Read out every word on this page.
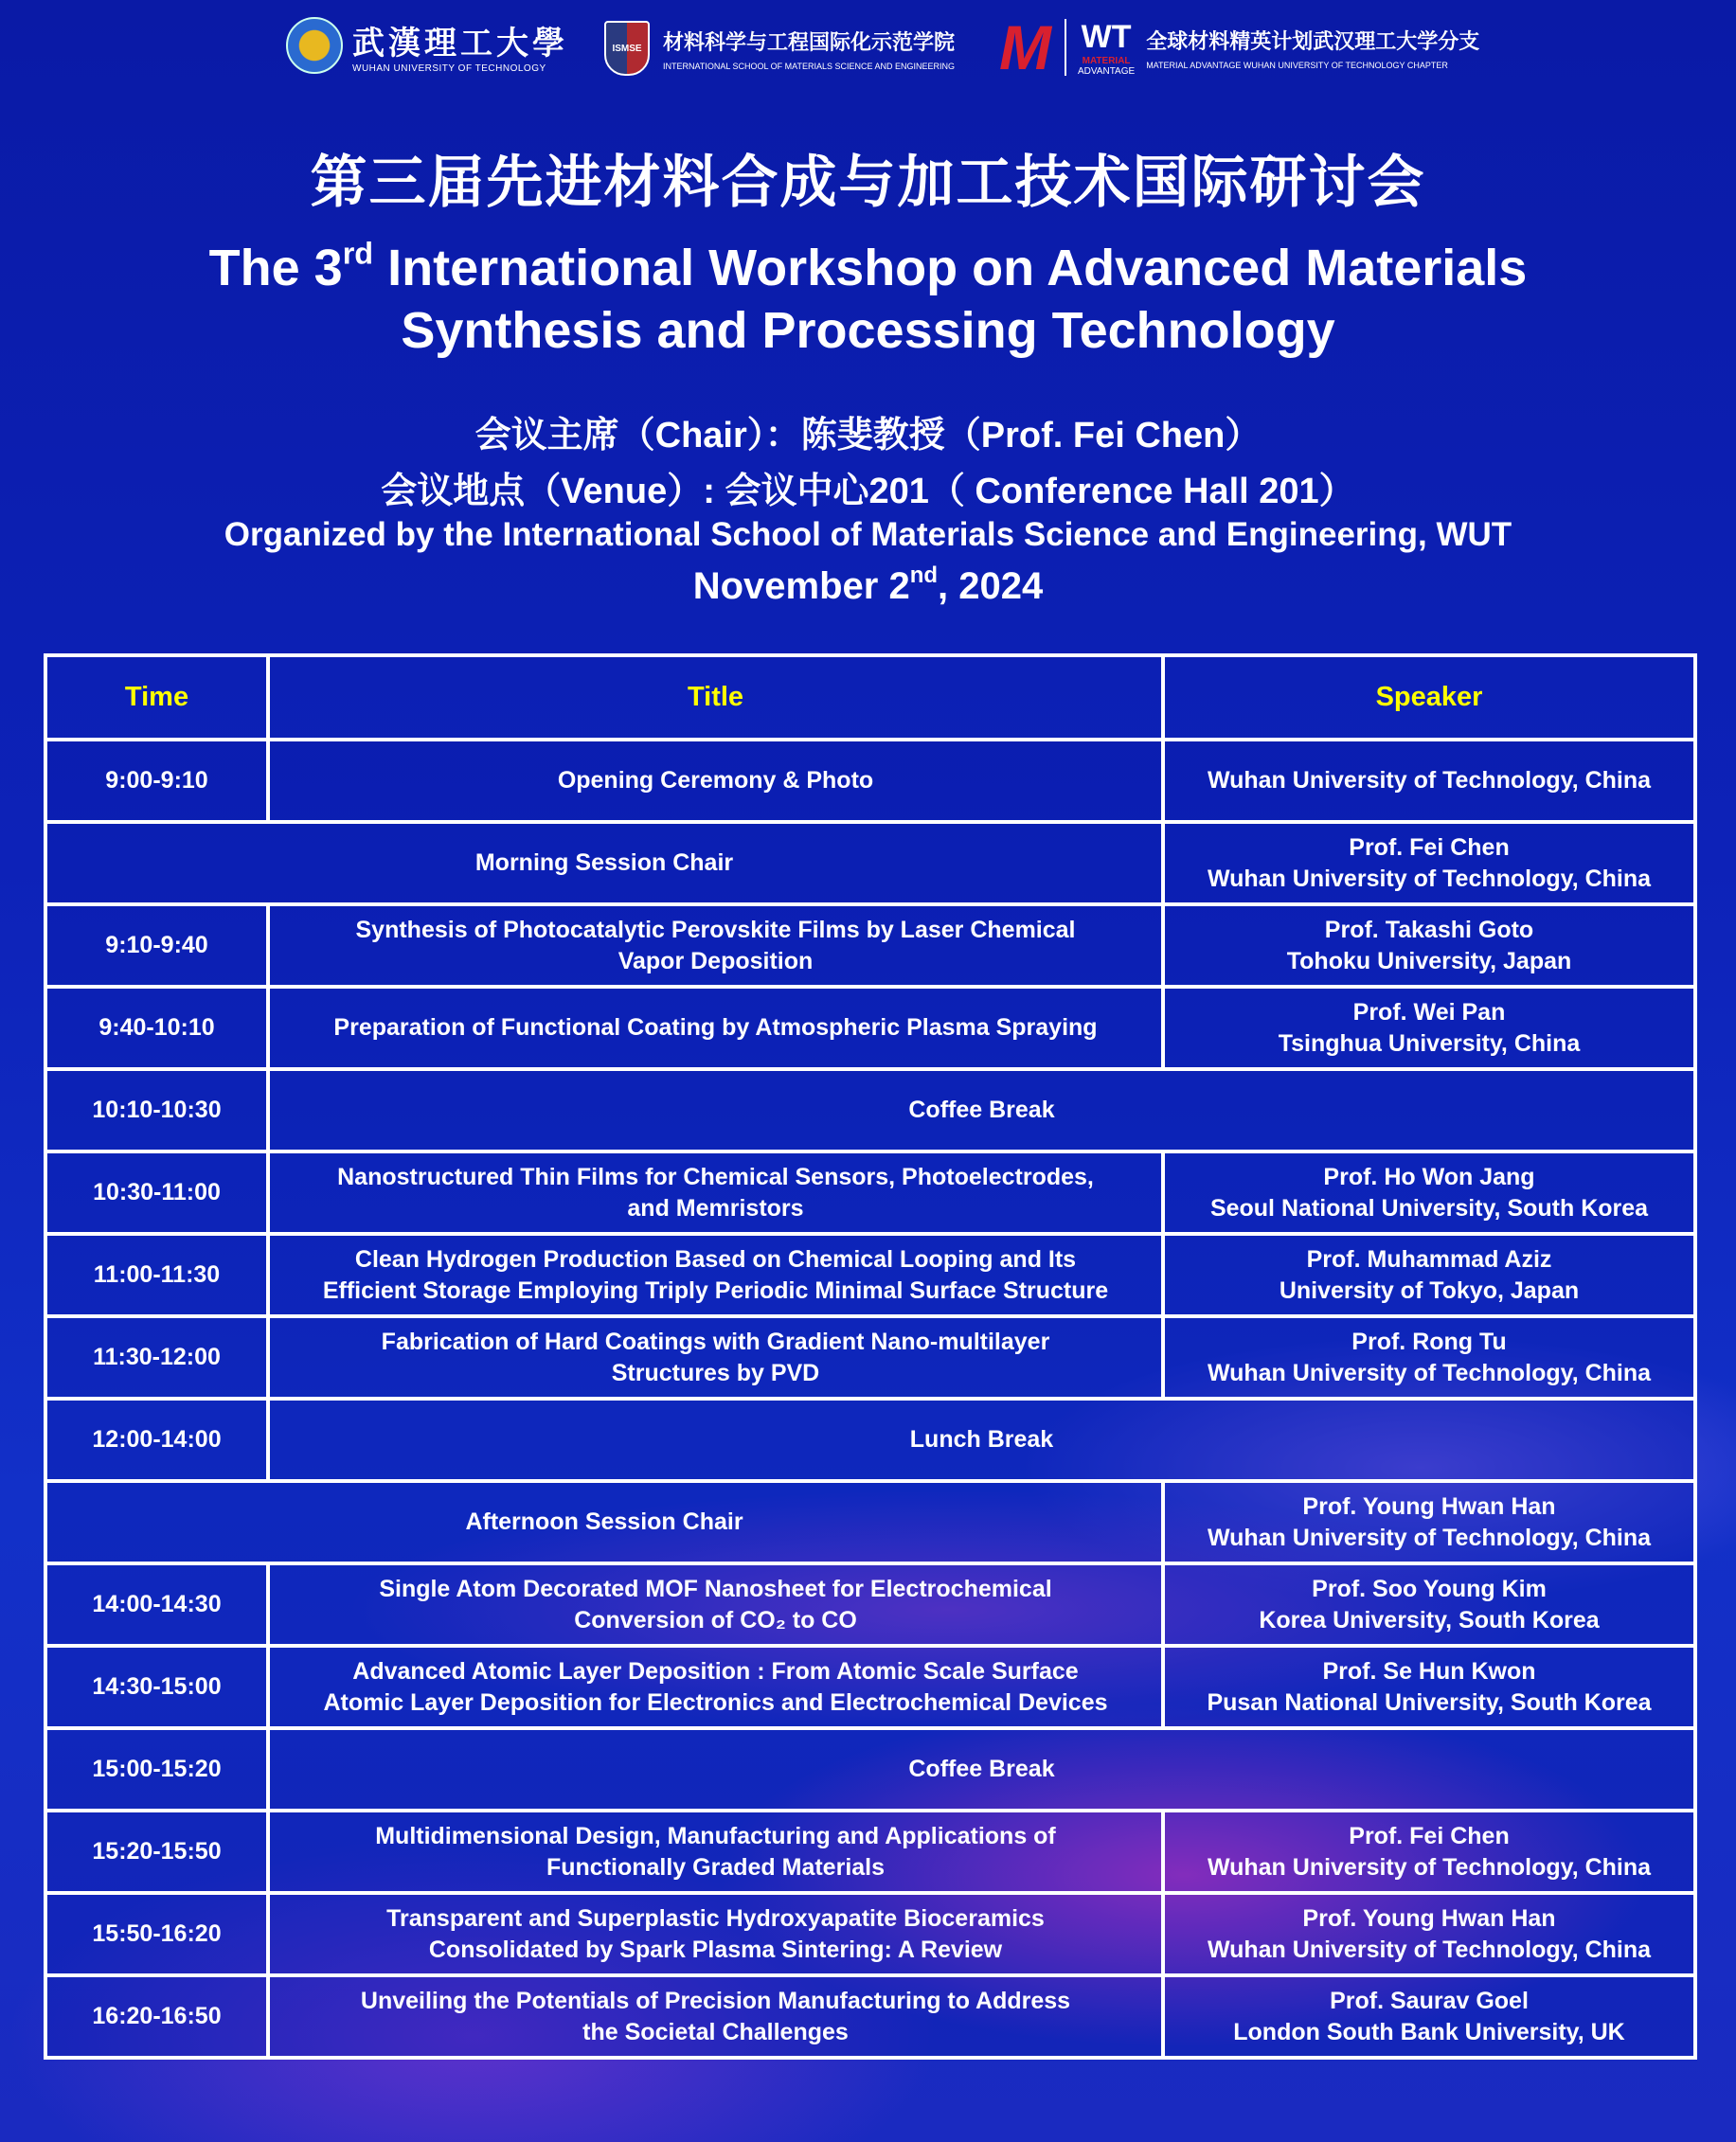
武漢理工大學
WUHAN UNIVERSITY OF TECHNOLOGY
ISMSE	材料科学与工程国际化示范学院
INTERNATIONAL SCHOOL OF MATERIALS SCIENCE AND ENGINEERING M WT
MATERIAL
ADVANTAGE
全球材料精英计划武汉理工大学分支
MATERIAL ADVANTAGE WUHAN UNIVERSITY OF TECHNOLOGY CHAPTER
第三届先进材料合成与加工技术国际研讨会
The 3rd International Workshop on Advanced Materials
Synthesis and Processing Technology
会议主席（Chair）：陈斐教授（Prof. Fei Chen）
会议地点（Venue）: 会议中心201（ Conference Hall 201）
Organized by the International School of Materials Science and Engineering, WUT
November 2nd, 2024
Time	Title	Speaker
9:00-9:10	Opening Ceremony & Photo	Wuhan University of Technology, China
Morning Session Chair		Prof. Fei Chen
Wuhan University of Technology, China
9:10-9:40	Synthesis of Photocatalytic Perovskite Films by Laser Chemical
Vapor Deposition	Prof. Takashi Goto
Tohoku University, Japan
9:40-10:10	Preparation of Functional Coating by Atmospheric Plasma Spraying	Prof. Wei Pan
Tsinghua University, China
10:10-10:30	Coffee Break	
10:30-11:00	Nanostructured Thin Films for Chemical Sensors, Photoelectrodes,
and Memristors	Prof. Ho Won Jang
Seoul National University, South Korea
11:00-11:30	Clean Hydrogen Production Based on Chemical Looping and Its
Efficient Storage Employing Triply Periodic Minimal Surface Structure	Prof. Muhammad Aziz
University of Tokyo, Japan
11:30-12:00	Fabrication of Hard Coatings with Gradient Nano-multilayer
Structures by PVD	Prof. Rong Tu
Wuhan University of Technology, China
12:00-14:00	Lunch Break	
Afternoon Session Chair		Prof. Young Hwan Han
Wuhan University of Technology, China
14:00-14:30	Single Atom Decorated MOF Nanosheet for Electrochemical
Conversion of CO₂ to CO	Prof. Soo Young Kim
Korea University, South Korea
14:30-15:00	Advanced Atomic Layer Deposition : From Atomic Scale Surface
Atomic Layer Deposition for Electronics and Electrochemical Devices	Prof. Se Hun Kwon
Pusan National University, South Korea
15:00-15:20	Coffee Break	
15:20-15:50	Multidimensional Design, Manufacturing and Applications of
Functionally Graded Materials	Prof. Fei Chen
Wuhan University of Technology, China
15:50-16:20	Transparent and Superplastic Hydroxyapatite Bioceramics
Consolidated by Spark Plasma Sintering: A Review	Prof. Young Hwan Han
Wuhan University of Technology, China
16:20-16:50	Unveiling the Potentials of Precision Manufacturing to Address
the Societal Challenges	Prof. Saurav Goel
London South Bank University, UK
